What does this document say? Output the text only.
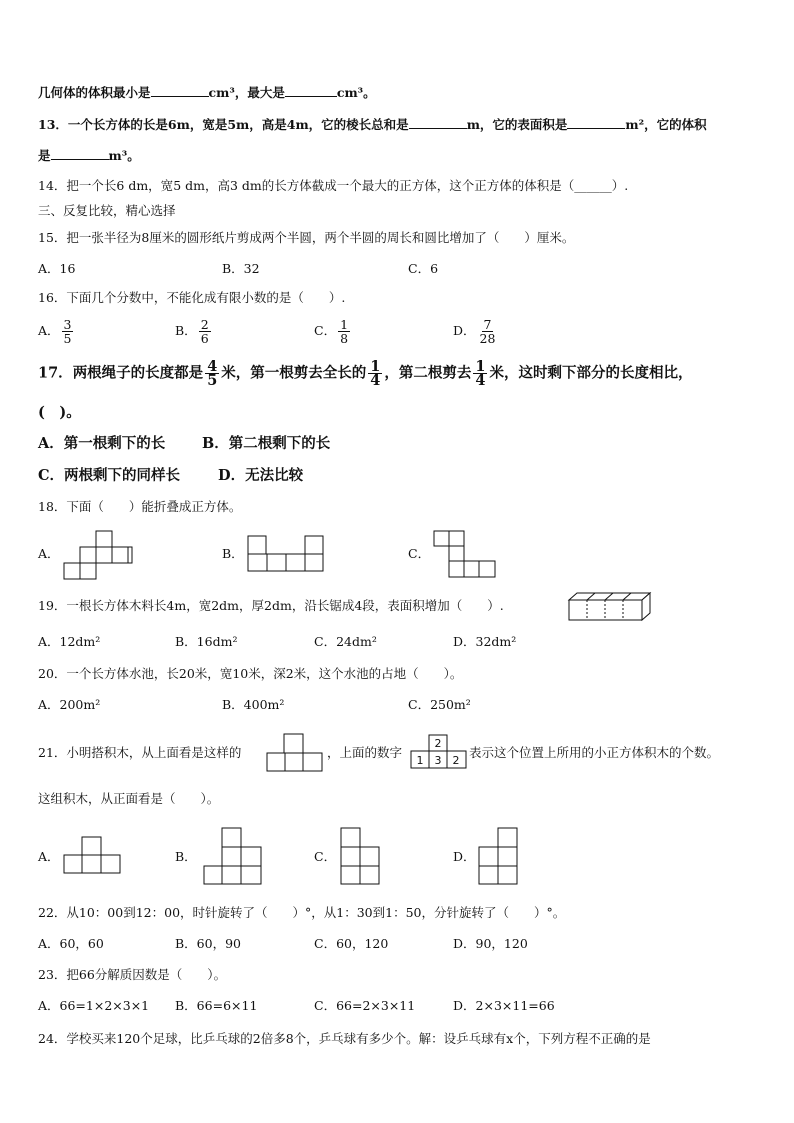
几何体的体积最小是	cm³，最大是	cm³。
13．一个长方体的长是6m，宽是5m，高是4m，它的棱长总和是	m，它的表面积是	m²，它的体积
是	m³。
14．把一个长6 dm，宽5 dm，高3 dm的长方体截成一个最大的正方体，这个正方体的体积是（______）.
三、反复比较，精心选择
15．把一张半径为8厘米的圆形纸片剪成两个半圆，两个半圆的周长和圆比增加了（　　）厘米。
A．16	B．32	C．6
16．下面几个分数中，不能化成有限小数的是（　　）.
A． $\frac{3}{5}$	B． $\frac{2}{6}$	C． $\frac{1}{8}$	D． $\frac{7}{28}$
17．两根绳子的长度都是 $\frac{4}{5}$ 米，第一根剪去全长的 $\frac{1}{4}$ ，第二根剪去 $\frac{1}{4}$ 米，这时剩下部分的长度相比，
(　)。
A．第一根剩下的长	B．第二根剩下的长
C．两根剩下的同样长	D．无法比较
18．下面（　　）能折叠成正方体。
A．	B．	C．
19．一根长方体木料长4m，宽2dm，厚2dm，沿长锯成4段，表面积增加（　　）.
A．12dm²	B．16dm²	C．24dm²	D．32dm²
20．一个长方体水池，长20米，宽10米，深2米，这个水池的占地（　　）。
A．200m²	B．400m²	C．250m²
21．小明搭积木，从上面看是这样的	，上面的数字
2
1 3 2
表示这个位置上所用的小正方体积木的个数。
这组积木，从正面看是（　　）。
A．	B．	C．	D．
22．从10：00到12：00，时针旋转了（　　）°，从1：30到1：50，分针旋转了（　　）°。
A．60，60	B．60，90	C．60，120	D．90，120
23．把66分解质因数是（　　）。
A．66=1×2×3×1 B．66=6×11	C．66=2×3×11	D．2×3×11=66
24．学校买来120个足球，比乒乓球的2倍多8个，乒乓球有多少个。解：设乒乓球有x个，下列方程不正确的是
